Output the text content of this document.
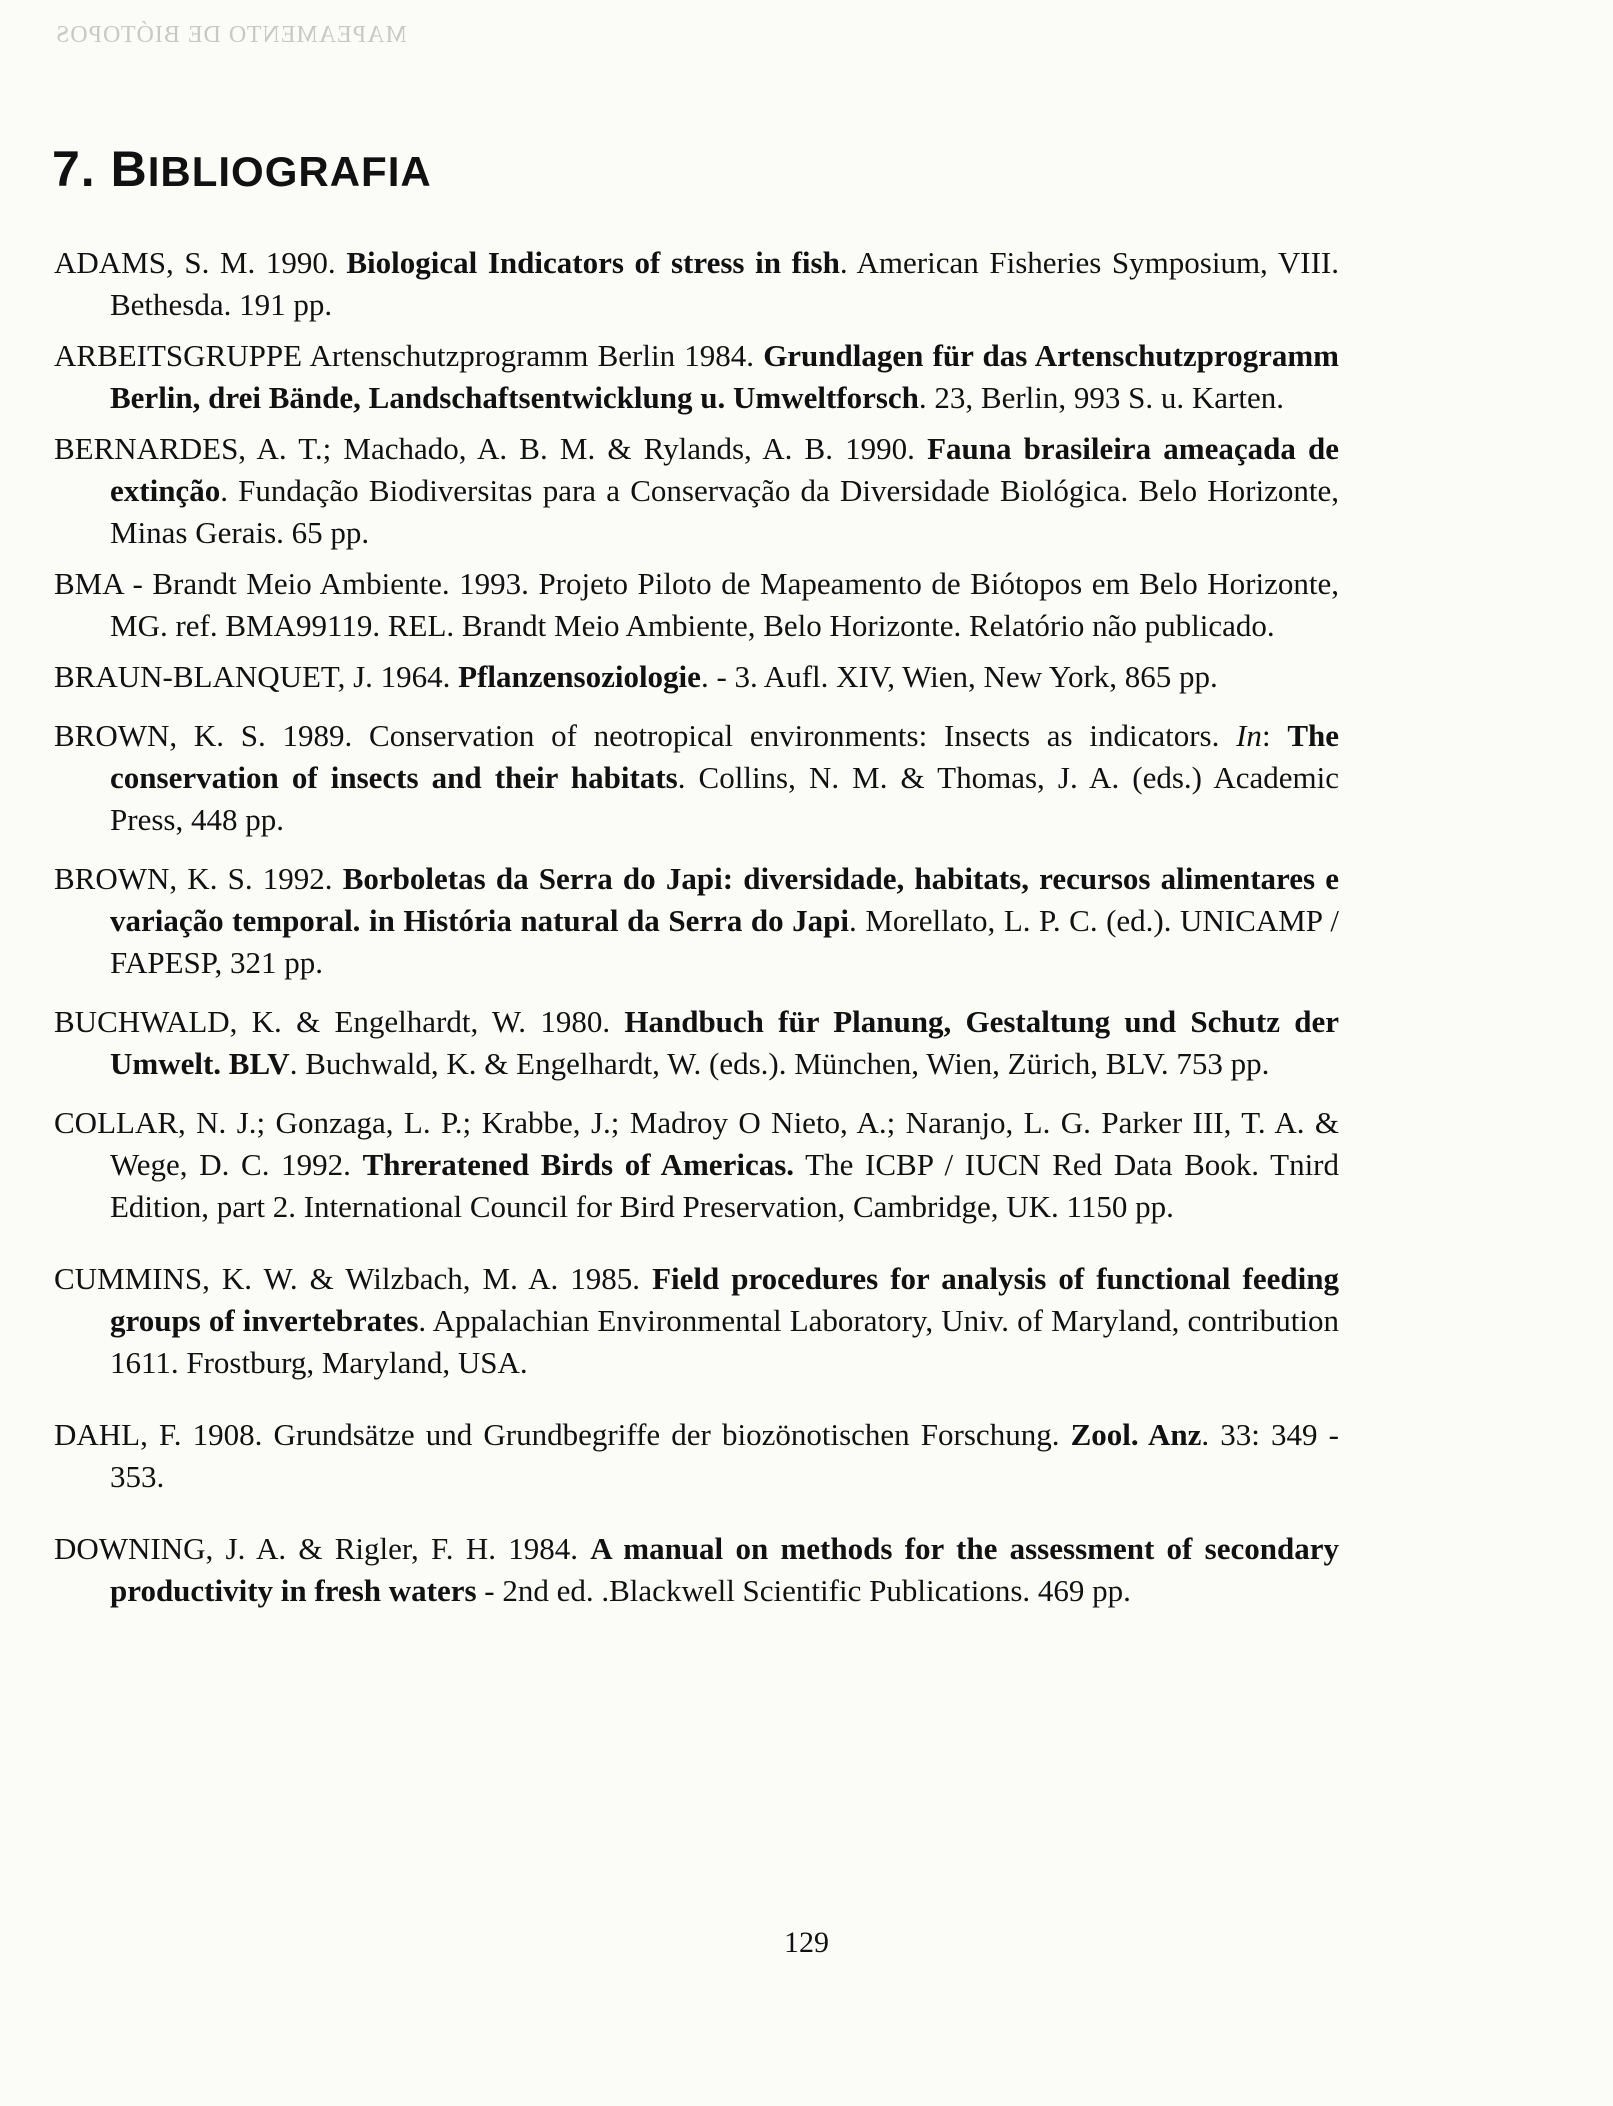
MAPEAMENTO DE BIÓTOPOS
7. BIBLIOGRAFIA
ADAMS, S. M. 1990. Biological Indicators of stress in fish. American Fisheries Symposium, VIII. Bethesda. 191 pp.
ARBEITSGRUPPE Artenschutzprogramm Berlin 1984. Grundlagen für das Artenschutzprogramm Berlin, drei Bände, Landschaftsentwicklung u. Umweltforsch. 23, Berlin, 993 S. u. Karten.
BERNARDES, A. T.; Machado, A. B. M. & Rylands, A. B. 1990. Fauna brasileira ameaçada de extinção. Fundação Biodiversitas para a Conservação da Diversidade Biológica. Belo Horizonte, Minas Gerais. 65 pp.
BMA - Brandt Meio Ambiente. 1993. Projeto Piloto de Mapeamento de Biótopos em Belo Horizonte, MG. ref. BMA99119. REL. Brandt Meio Ambiente, Belo Horizonte. Relatório não publicado.
BRAUN-BLANQUET, J. 1964. Pflanzensoziologie. - 3. Aufl. XIV, Wien, New York, 865 pp.
BROWN, K. S. 1989. Conservation of neotropical environments: Insects as indicators. In: The conservation of insects and their habitats. Collins, N. M. & Thomas, J. A. (eds.) Academic Press, 448 pp.
BROWN, K. S. 1992. Borboletas da Serra do Japi: diversidade, habitats, recursos alimentares e variação temporal. in História natural da Serra do Japi. Morellato, L. P. C. (ed.). UNICAMP / FAPESP, 321 pp.
BUCHWALD, K. & Engelhardt, W. 1980. Handbuch für Planung, Gestaltung und Schutz der Umwelt. BLV. Buchwald, K. & Engelhardt, W. (eds.). München, Wien, Zürich, BLV. 753 pp.
COLLAR, N. J.; Gonzaga, L. P.; Krabbe, J.; Madroy O Nieto, A.; Naranjo, L. G. Parker III, T. A. & Wege, D. C. 1992. Threratened Birds of Americas. The ICBP / IUCN Red Data Book. Tnird Edition, part 2. International Council for Bird Preservation, Cambridge, UK. 1150 pp.
CUMMINS, K. W. & Wilzbach, M. A. 1985. Field procedures for analysis of functional feeding groups of invertebrates. Appalachian Environmental Laboratory, Univ. of Maryland, contribution 1611. Frostburg, Maryland, USA.
DAHL, F. 1908. Grundsätze und Grundbegriffe der biozönotischen Forschung. Zool. Anz. 33: 349 - 353.
DOWNING, J. A. & Rigler, F. H. 1984. A manual on methods for the assessment of secondary productivity in fresh waters - 2nd ed. .Blackwell Scientific Publications. 469 pp.
129
